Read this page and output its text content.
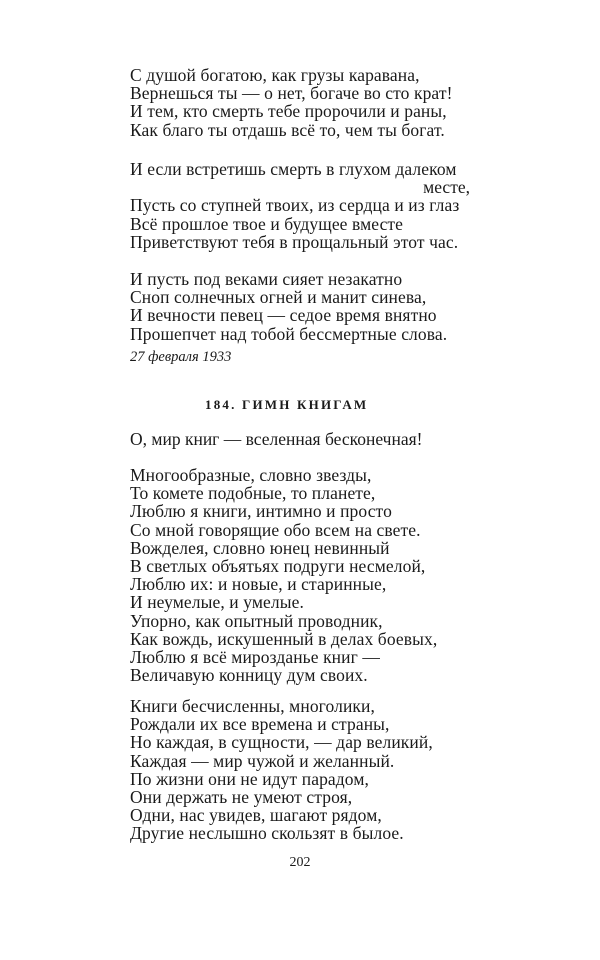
С душой богатою, как грузы каравана,
Вернешься ты — о нет, богаче во сто крат!
И тем, кто смерть тебе пророчили и раны,
Как благо ты отдашь всё то, чем ты богат.
И если встретишь смерть в глухом далеком
месте,
Пусть со ступней твоих, из сердца и из глаз
Всё прошлое твое и будущее вместе
Приветствуют тебя в прощальный этот час.
И пусть под веками сияет незакатно
Сноп солнечных огней и манит синева,
И вечности певец — седое время внятно
Прошепчет над тобой бессмертные слова.
27 февраля 1933
184. ГИМН КНИГАМ
О, мир книг — вселенная бесконечная!
Многообразные, словно звезды,
То комете подобные, то планете,
Люблю я книги, интимно и просто
Со мной говорящие обо всем на свете.
Вожделея, словно юнец невинный
В светлых объятьях подруги несмелой,
Люблю их: и новые, и старинные,
И неумелые, и умелые.
Упорно, как опытный проводник,
Как вождь, искушенный в делах боевых,
Люблю я всё мирозданье книг —
Величавую конницу дум своих.
Книги бесчисленны, многолики,
Рождали их все времена и страны,
Но каждая, в сущности, — дар великий,
Каждая — мир чужой и желанный.
По жизни они не идут парадом,
Они держать не умеют строя,
Одни, нас увидев, шагают рядом,
Другие неслышно скользят в былое.
202
